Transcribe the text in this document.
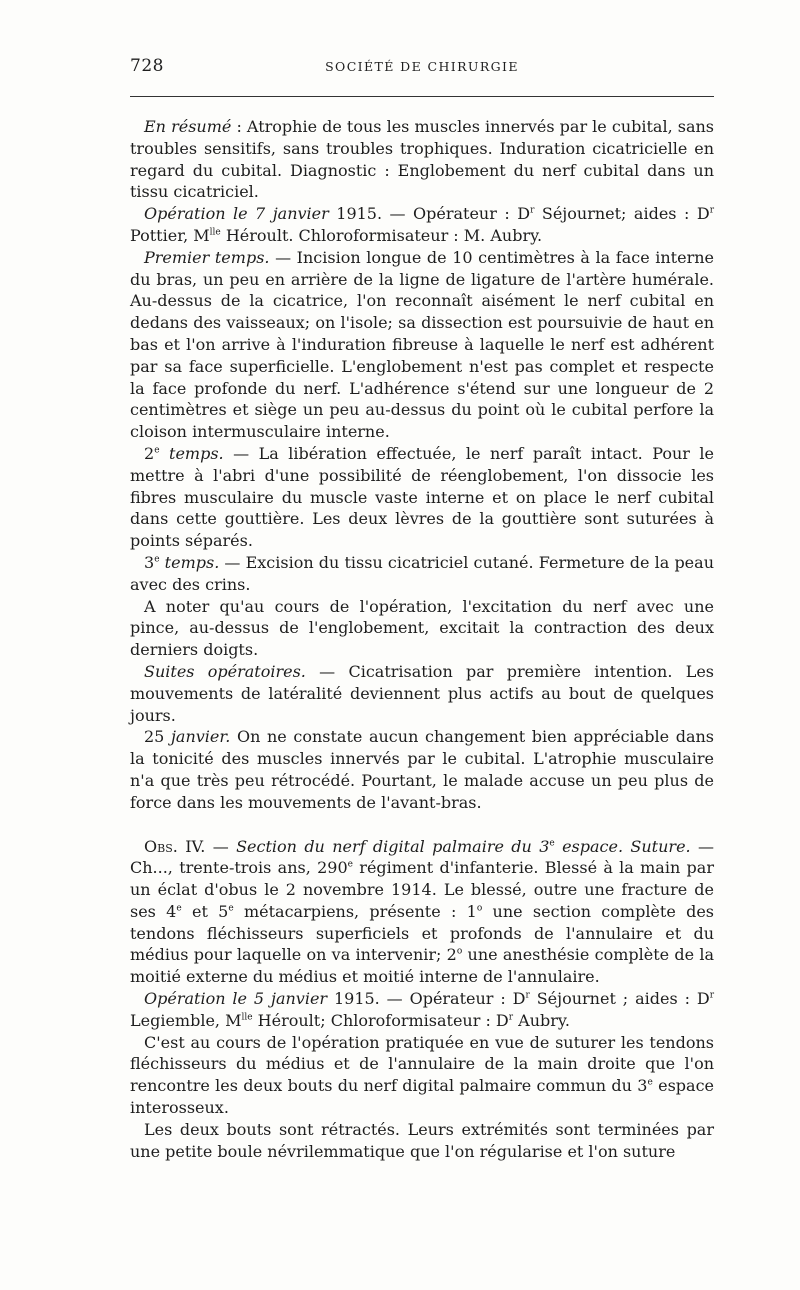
728	SOCIÉTÉ DE CHIRURGIE

En résumé : Atrophie de tous les muscles innervés par le cubital, sans troubles sensitifs, sans troubles trophiques. Induration cicatricielle en regard du cubital. Diagnostic : Englobement du nerf cubital dans un tissu cicatriciel.

Opération le 7 janvier 1915. — Opérateur : $D^r$ Séjournet; aides : $D^r$ Pottier, $M^{lle}$ Héroult. Chloroformisateur : M. Aubry.

Premier temps. — Incision longue de 10 centimètres à la face interne du bras, un peu en arrière de la ligne de ligature de l'artère humérale. Au-dessus de la cicatrice, l'on reconnaît aisément le nerf cubital en dedans des vaisseaux; on l'isole; sa dissection est poursuivie de haut en bas et l'on arrive à l'induration fibreuse à laquelle le nerf est adhérent par sa face superficielle. L'englobement n'est pas complet et respecte la face profonde du nerf. L'adhérence s'étend sur une longueur de 2 centimètres et siège un peu au-dessus du point où le cubital perfore la cloison intermusculaire interne.

2e temps. — La libération effectuée, le nerf paraît intact. Pour le mettre à l'abri d'une possibilité de réenglobement, l'on dissocie les fibres musculaire du muscle vaste interne et on place le nerf cubital dans cette gouttière. Les deux lèvres de la gouttière sont suturées à points séparés.

3e temps. — Excision du tissu cicatriciel cutané. Fermeture de la peau avec des crins.

A noter qu'au cours de l'opération, l'excitation du nerf avec une pince, au-dessus de l'englobement, excitait la contraction des deux derniers doigts.

Suites opératoires. — Cicatrisation par première intention. Les mouvements de latéralité deviennent plus actifs au bout de quelques jours.

25 janvier. On ne constate aucun changement bien appréciable dans la tonicité des muscles innervés par le cubital. L'atrophie musculaire n'a que très peu rétrocédé. Pourtant, le malade accuse un peu plus de force dans les mouvements de l'avant-bras.

Obs. IV. — Section du nerf digital palmaire du 3e espace. Suture. — Ch..., trente-trois ans, 290e régiment d'infanterie. Blessé à la main par un éclat d'obus le 2 novembre 1914. Le blessé, outre une fracture de ses 4e et 5e métacarpiens, présente : 1$^o$ une section complète des tendons fléchisseurs superficiels et profonds de l'annulaire et du médius pour laquelle on va intervenir; 2$^o$ une anesthésie complète de la moitié externe du médius et moitié interne de l'annulaire.

Opération le 5 janvier 1915. — Opérateur : $D^r$ Séjournet ; aides : $D^r$ Legiemble, $M^{lle}$ Héroult; Chloroformisateur : $D^r$ Aubry.

C'est au cours de l'opération pratiquée en vue de suturer les tendons fléchisseurs du médius et de l'annulaire de la main droite que l'on rencontre les deux bouts du nerf digital palmaire commun du 3e espace interosseux.

Les deux bouts sont rétractés. Leurs extrémités sont terminées par une petite boule névrilemmatique que l'on régularise et l'on suture
